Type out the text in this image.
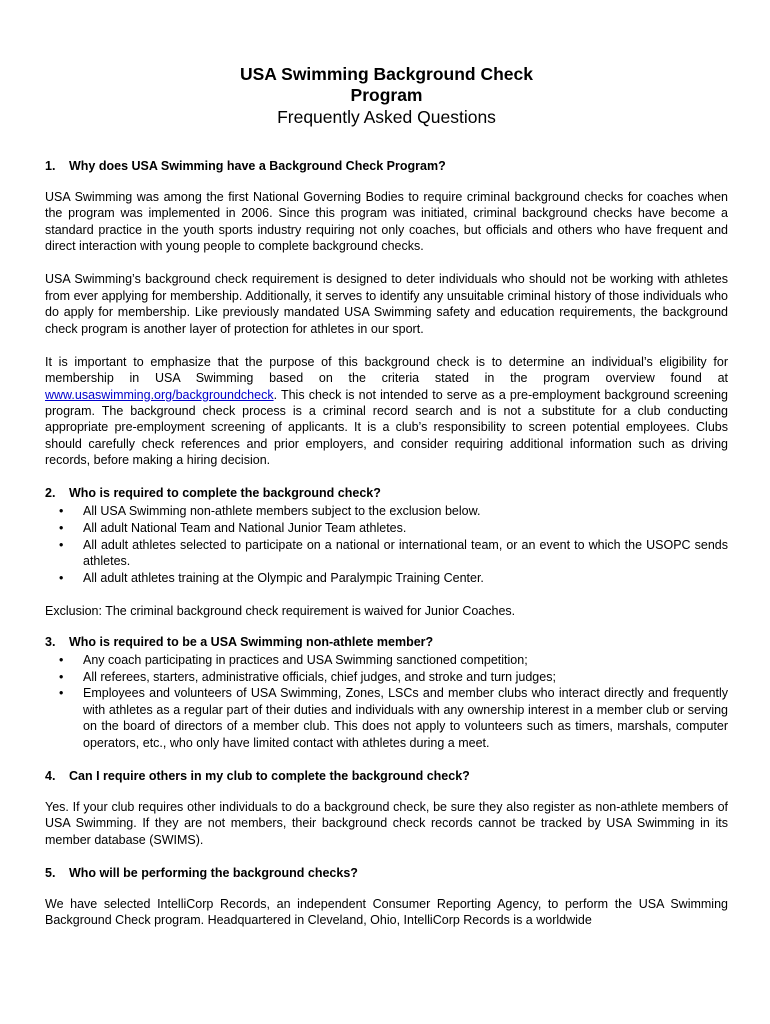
USA Swimming Background Check
Program
Frequently Asked Questions
1.	Why does USA Swimming have a Background Check Program?

USA Swimming was among the first National Governing Bodies to require criminal background checks for coaches when the program was implemented in 2006. Since this program was initiated, criminal background checks have become a standard practice in the youth sports industry requiring not only coaches, but officials and others who have frequent and direct interaction with young people to complete background checks.

USA Swimming’s background check requirement is designed to deter individuals who should not be working with athletes from ever applying for membership. Additionally, it serves to identify any unsuitable criminal history of those individuals who do apply for membership. Like previously mandated USA Swimming safety and education requirements, the background check program is another layer of protection for athletes in our sport.

It is important to emphasize that the purpose of this background check is to determine an individual’s eligibility for membership in USA Swimming based on the criteria stated in the program overview found at www.usaswimming.org/backgroundcheck. This check is not intended to serve as a pre-employment background screening program. The background check process is a criminal record search and is not a substitute for a club conducting appropriate pre-employment screening of applicants. It is a club’s responsibility to screen potential employees. Clubs should carefully check references and prior employers, and consider requiring additional information such as driving records, before making a hiring decision.

2.	Who is required to complete the background check?
• All USA Swimming non-athlete members subject to the exclusion below.
• All adult National Team and National Junior Team athletes.
• All adult athletes selected to participate on a national or international team, or an event to which the USOPC sends athletes.
• All adult athletes training at the Olympic and Paralympic Training Center.
Exclusion: The criminal background check requirement is waived for Junior Coaches.
3.	Who is required to be a USA Swimming non-athlete member?
• Any coach participating in practices and USA Swimming sanctioned competition;
• All referees, starters, administrative officials, chief judges, and stroke and turn judges;
• Employees and volunteers of USA Swimming, Zones, LSCs and member clubs who interact directly and frequently with athletes as a regular part of their duties and individuals with any ownership interest in a member club or serving on the board of directors of a member club. This does not apply to volunteers such as timers, marshals, computer operators, etc., who only have limited contact with athletes during a meet.
4.	Can I require others in my club to complete the background check?

Yes. If your club requires other individuals to do a background check, be sure they also register as non-athlete members of USA Swimming. If they are not members, their background check records cannot be tracked by USA Swimming in its member database (SWIMS).

5.	Who will be performing the background checks?

We have selected IntelliCorp Records, an independent Consumer Reporting Agency, to perform the USA Swimming Background Check program. Headquartered in Cleveland, Ohio, IntelliCorp Records is a worldwide
